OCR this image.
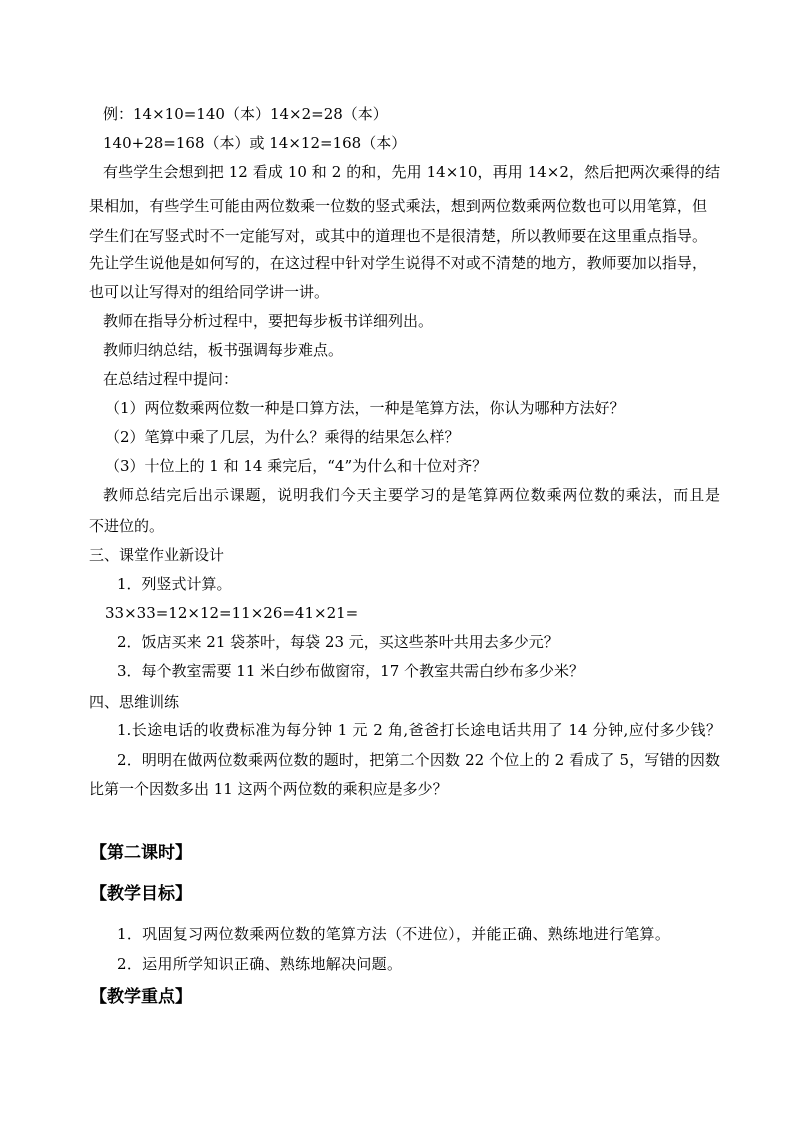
例：14×10=140（本）14×2=28（本）
140+28=168（本）或 14×12=168（本）
有些学生会想到把 12 看成 10 和 2 的和，先用 14×10，再用 14×2，然后把两次乘得的结
果相加，有些学生可能由两位数乘一位数的竖式乘法，想到两位数乘两位数也可以用笔算，但
学生们在写竖式时不一定能写对，或其中的道理也不是很清楚，所以教师要在这里重点指导。
先让学生说他是如何写的，在这过程中针对学生说得不对或不清楚的地方，教师要加以指导，
也可以让写得对的组给同学讲一讲。
教师在指导分析过程中，要把每步板书详细列出。
教师归纳总结，板书强调每步难点。
在总结过程中提问：
（1）两位数乘两位数一种是口算方法，一种是笔算方法，你认为哪种方法好？
（2）笔算中乘了几层，为什么？乘得的结果怎么样？
（3）十位上的 1 和 14 乘完后，“4”为什么和十位对齐？
教师总结完后出示课题，说明我们今天主要学习的是笔算两位数乘两位数的乘法，而且是
不进位的。
三、课堂作业新设计
1．列竖式计算。
33×33=12×12=11×26=41×21=
2．饭店买来 21 袋茶叶，每袋 23 元，买这些茶叶共用去多少元？
3．每个教室需要 11 米白纱布做窗帘，17 个教室共需白纱布多少米？
四、思维训练
1.长途电话的收费标准为每分钟 1 元 2 角,爸爸打长途电话共用了 14 分钟,应付多少钱？
2．明明在做两位数乘两位数的题时，把第二个因数 22 个位上的 2 看成了 5，写错的因数
比第一个因数多出 11 这两个两位数的乘积应是多少？
【第二课时】
【教学目标】
1．巩固复习两位数乘两位数的笔算方法（不进位），并能正确、熟练地进行笔算。
2．运用所学知识正确、熟练地解决问题。
【教学重点】
